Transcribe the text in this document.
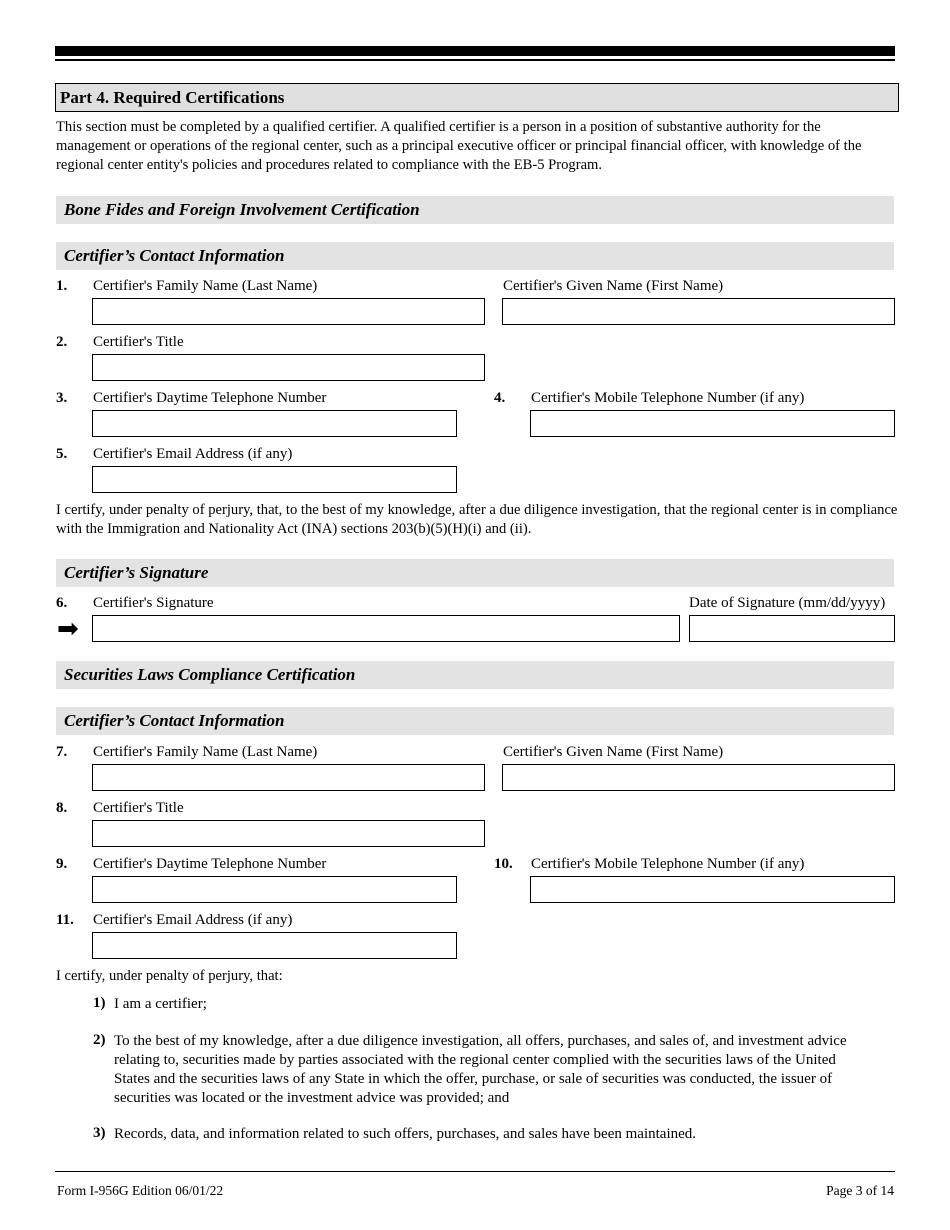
Part 4. Required Certifications
This section must be completed by a qualified certifier. A qualified certifier is a person in a position of substantive authority for the management or operations of the regional center, such as a principal executive officer or principal financial officer, with knowledge of the regional center entity's policies and procedures related to compliance with the EB-5 Program.
Bone Fides and Foreign Involvement Certification
Certifier’s Contact Information
1. Certifier's Family Name (Last Name)	Certifier's Given Name (First Name)
2. Certifier's Title
3. Certifier's Daytime Telephone Number	4. Certifier's Mobile Telephone Number (if any)
5. Certifier's Email Address (if any)
I certify, under penalty of perjury, that, to the best of my knowledge, after a due diligence investigation, that the regional center is in compliance with the Immigration and Nationality Act (INA) sections 203(b)(5)(H)(i) and (ii).
Certifier’s Signature
6. Certifier's Signature	Date of Signature (mm/dd/yyyy)
➡
Securities Laws Compliance Certification
Certifier’s Contact Information
7. Certifier's Family Name (Last Name)	Certifier's Given Name (First Name)
8. Certifier's Title
9. Certifier's Daytime Telephone Number	10. Certifier's Mobile Telephone Number (if any)
11. Certifier's Email Address (if any)
I certify, under penalty of perjury, that:
1) I am a certifier;
2) To the best of my knowledge, after a due diligence investigation, all offers, purchases, and sales of, and investment advice relating to, securities made by parties associated with the regional center complied with the securities laws of the United States and the securities laws of any State in which the offer, purchase, or sale of securities was conducted, the issuer of securities was located or the investment advice was provided; and
3) Records, data, and information related to such offers, purchases, and sales have been maintained.
Form I-956G Edition 06/01/22	Page 3 of 14
